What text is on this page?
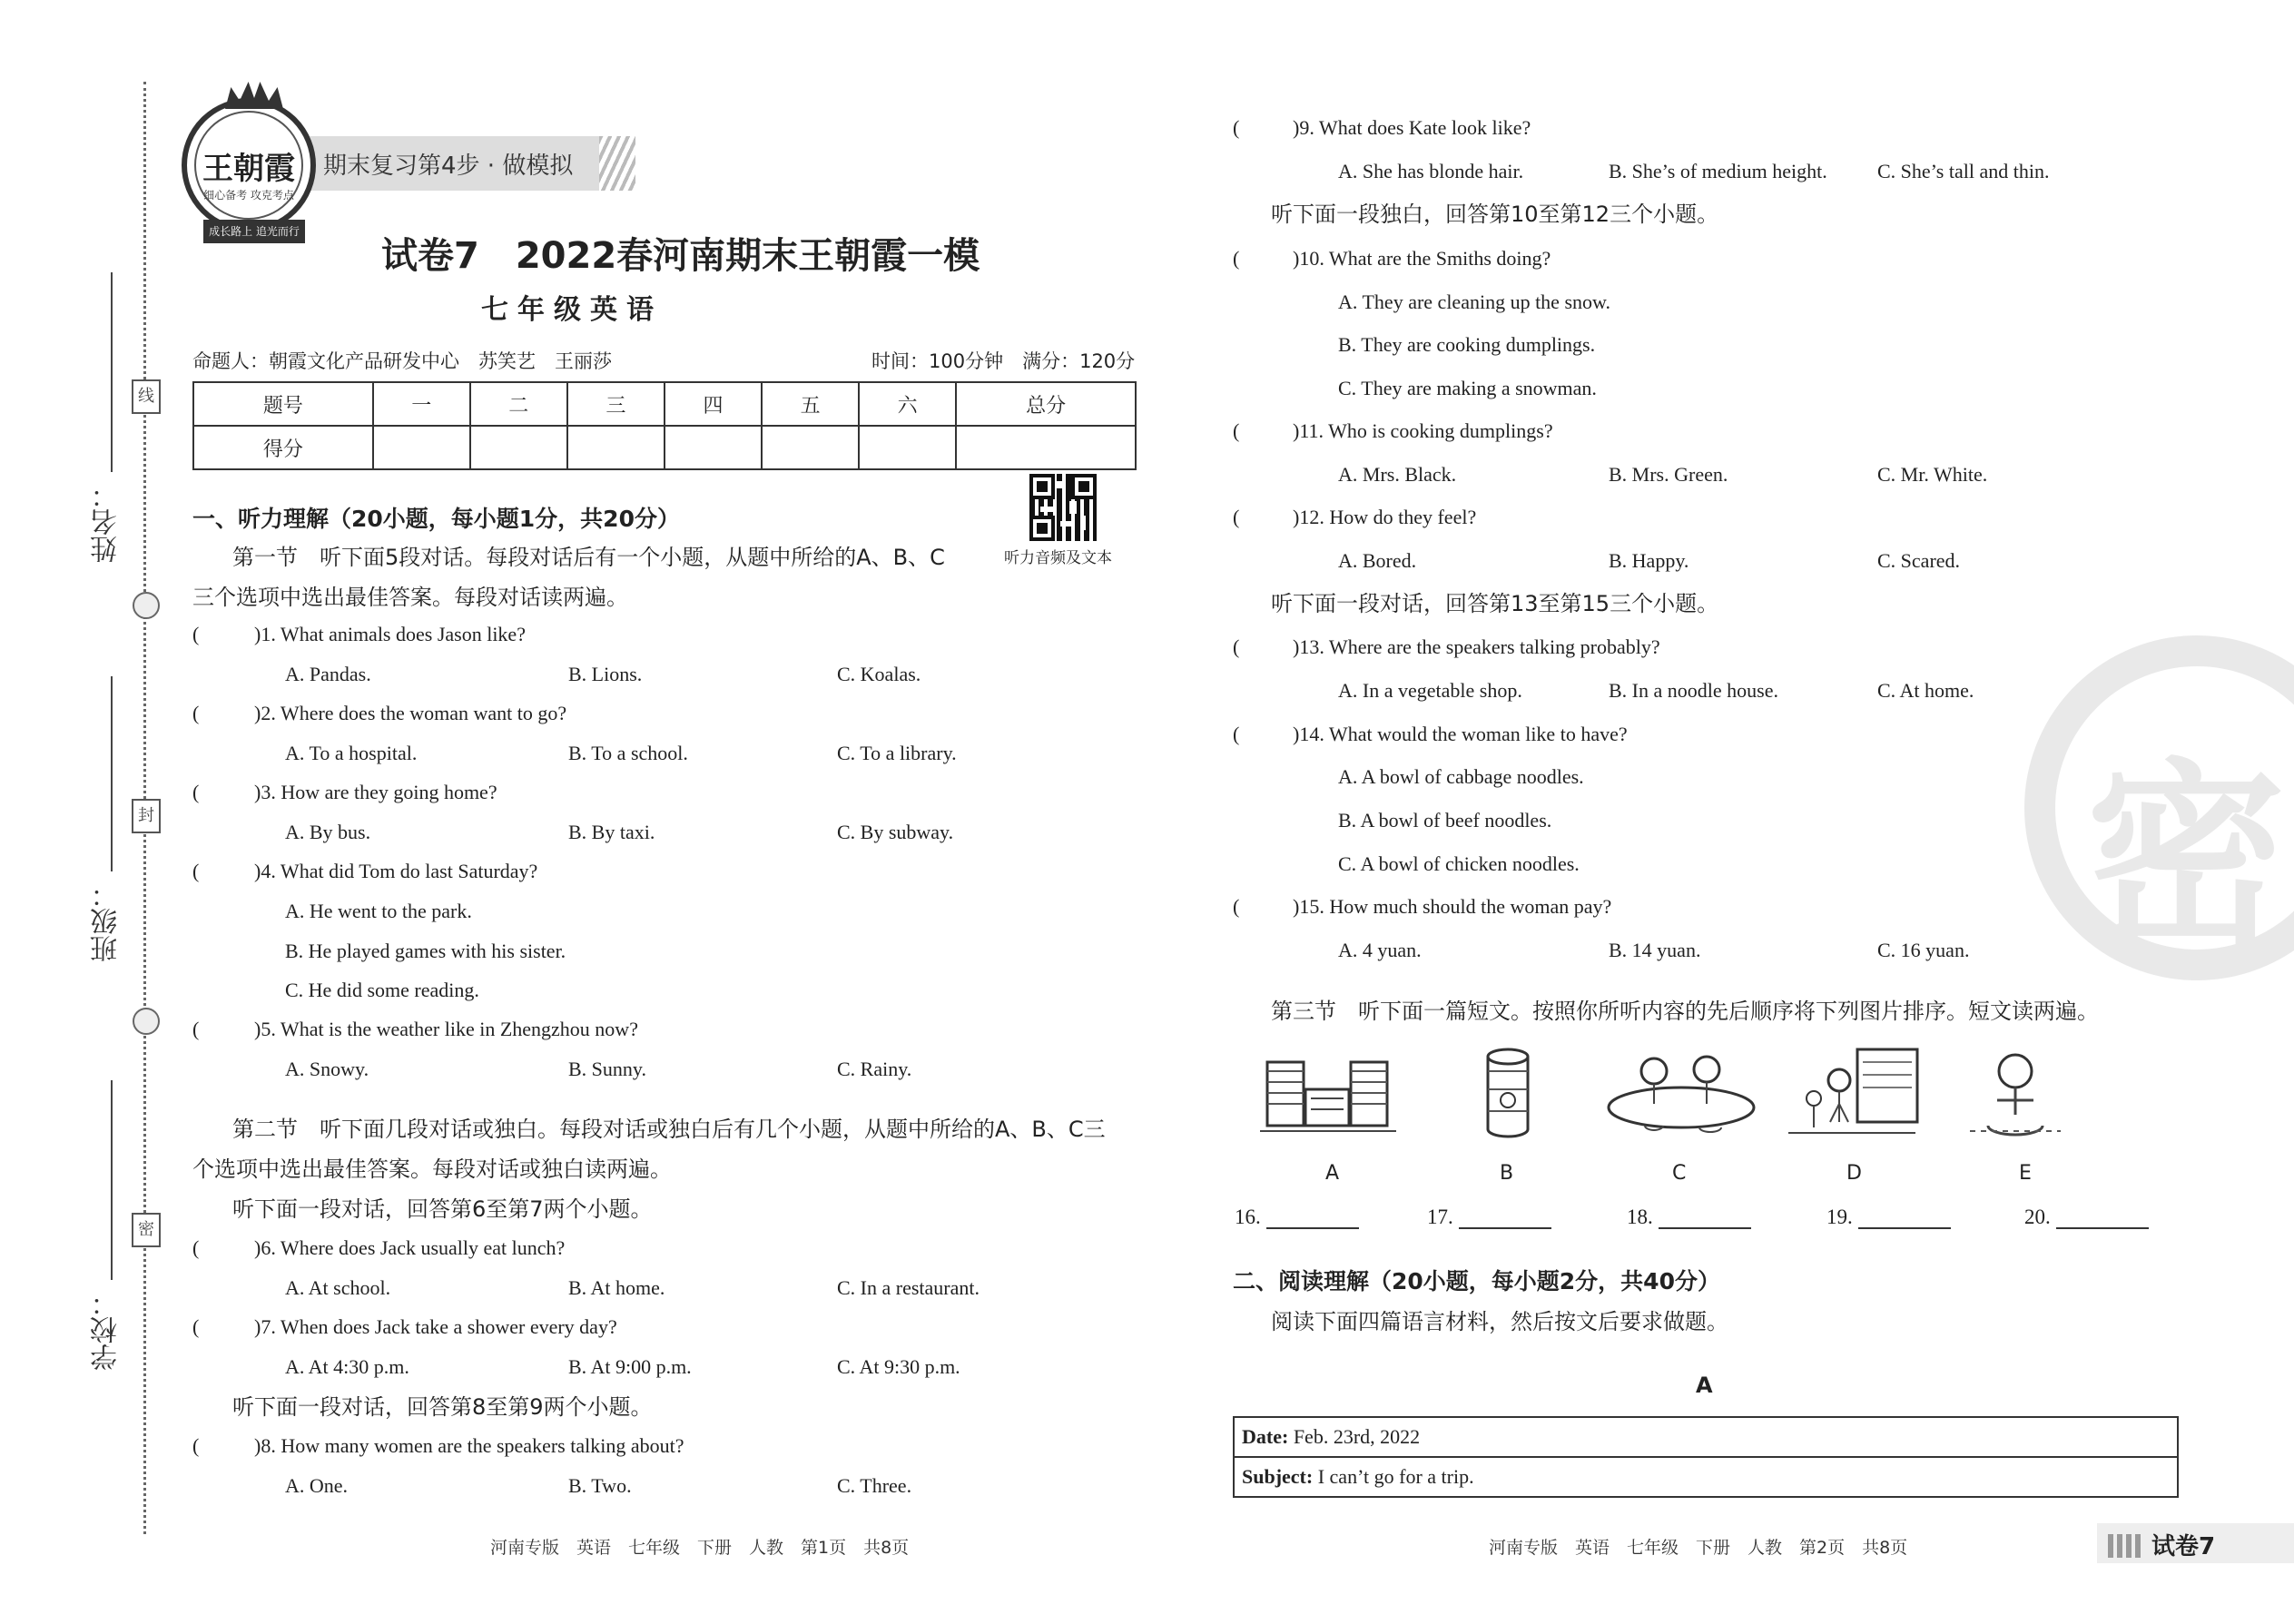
姓名：
班级：
学校：
线
封
密
期末复习第4步 · 做模拟
王朝霞
细心备考 攻克考点
成长路上 追光而行
试卷7　2022春河南期末王朝霞一模
七年级英语
命题人：朝霞文化产品研发中心　苏笑艺　王丽莎	时间：100分钟　满分：120分
题号	一	二	三	四	五	六	总分
得分							
听力音频及文本
一、听力理解（20小题，每小题1分，共20分）
第一节　听下面5段对话。每段对话后有一个小题，从题中所给的A、B、C
三个选项中选出最佳答案。每段对话读两遍。
(	)1. What animals does Jason like?
A. Pandas.	B. Lions.	C. Koalas.
(	)2. Where does the woman want to go?
A. To a hospital.	B. To a school.	C. To a library.
(	)3. How are they going home?
A. By bus.	B. By taxi.	C. By subway.
(	)4. What did Tom do last Saturday?
A. He went to the park.
B. He played games with his sister.
C. He did some reading.
(	)5. What is the weather like in Zhengzhou now?
A. Snowy.	B. Sunny.	C. Rainy.
第二节　听下面几段对话或独白。每段对话或独白后有几个小题，从题中所给的A、B、C三
个选项中选出最佳答案。每段对话或独白读两遍。
听下面一段对话，回答第6至第7两个小题。
(	)6. Where does Jack usually eat lunch?
A. At school.	B. At home.	C. In a restaurant.
(	)7. When does Jack take a shower every day?
A. At 4:30 p.m.	B. At 9:00 p.m.	C. At 9:30 p.m.
听下面一段对话，回答第8至第9两个小题。
(	)8. How many women are the speakers talking about?
A. One.	B. Two.	C. Three.
河南专版　英语　七年级　下册　人教　第1页　共8页
密
(	)9. What does Kate look like?
A. She has blonde hair.	B. She’s of medium height.	C. She’s tall and thin.
听下面一段独白，回答第10至第12三个小题。
(	)10. What are the Smiths doing?
A. They are cleaning up the snow.
B. They are cooking dumplings.
C. They are making a snowman.
(	)11. Who is cooking dumplings?
A. Mrs. Black.	B. Mrs. Green.	C. Mr. White.
(	)12. How do they feel?
A. Bored.	B. Happy.	C. Scared.
听下面一段对话，回答第13至第15三个小题。
(	)13. Where are the speakers talking probably?
A. In a vegetable shop.	B. In a noodle house.	C. At home.
(	)14. What would the woman like to have?
A. A bowl of cabbage noodles.
B. A bowl of beef noodles.
C. A bowl of chicken noodles.
(	)15. How much should the woman pay?
A. 4 yuan.	B. 14 yuan.	C. 16 yuan.
第三节　听下面一篇短文。按照你所听内容的先后顺序将下列图片排序。短文读两遍。
A	B	C	D	E
16.	17.	18.	19.	20.
二、阅读理解（20小题，每小题2分，共40分）
阅读下面四篇语言材料，然后按文后要求做题。
A
Date: Feb. 23rd, 2022
Subject: I can’t go for a trip.
河南专版　英语　七年级　下册　人教　第2页　共8页	试卷7
